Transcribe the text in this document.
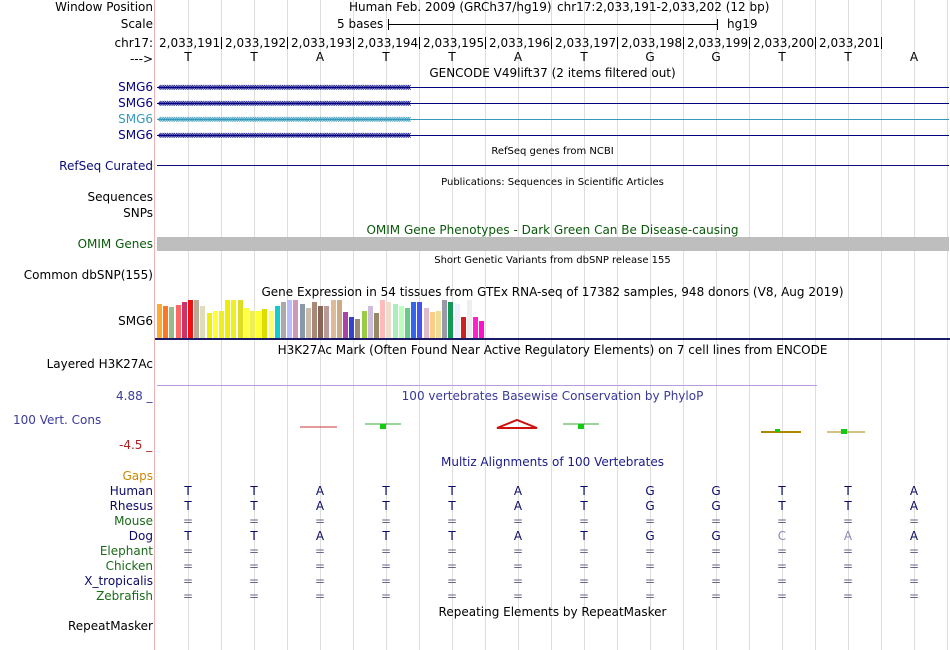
Window Position
Scale
chr17:
--->
Human Feb. 2009 (GRCh37/hg19) chr17:2,033,191-2,033,202 (12 bp)
5 bases	hg19
2,033,191 2,033,192 2,033,193 2,033,194 2,033,195 2,033,196 2,033,197 2,033,198 2,033,199 2,033,200 2,033,201
T	T	A	T	T	A	T	G	G	T	T	A
GENCODE V49lift37 (2 items filtered out)
SMG6 ‹‹‹‹‹‹‹‹‹‹‹‹‹‹‹‹‹‹‹‹‹‹‹‹‹‹‹‹‹‹‹‹‹‹‹‹‹‹‹‹‹‹‹‹‹‹‹‹‹‹‹‹‹‹‹‹‹‹‹‹‹‹‹‹‹‹‹‹‹‹‹‹‹‹‹‹‹‹‹‹‹‹‹‹‹‹‹‹‹‹‹‹‹‹‹‹‹‹‹‹‹‹‹‹‹‹‹‹‹‹‹‹‹‹‹‹‹‹‹‹‹‹‹‹‹‹‹‹‹‹‹‹‹‹‹‹‹‹‹‹
SMG6 ‹‹‹‹‹‹‹‹‹‹‹‹‹‹‹‹‹‹‹‹‹‹‹‹‹‹‹‹‹‹‹‹‹‹‹‹‹‹‹‹‹‹‹‹‹‹‹‹‹‹‹‹‹‹‹‹‹‹‹‹‹‹‹‹‹‹‹‹‹‹‹‹‹‹‹‹‹‹‹‹‹‹‹‹‹‹‹‹‹‹‹‹‹‹‹‹‹‹‹‹‹‹‹‹‹‹‹‹‹‹‹‹‹‹‹‹‹‹‹‹‹‹‹‹‹‹‹‹‹‹‹‹‹‹‹‹‹‹‹‹
SMG6 ‹‹‹‹‹‹‹‹‹‹‹‹‹‹‹‹‹‹‹‹‹‹‹‹‹‹‹‹‹‹‹‹‹‹‹‹‹‹‹‹‹‹‹‹‹‹‹‹‹‹‹‹‹‹‹‹‹‹‹‹‹‹‹‹‹‹‹‹‹‹‹‹‹‹‹‹‹‹‹‹‹‹‹‹‹‹‹‹‹‹‹‹‹‹‹‹‹‹‹‹‹‹‹‹‹‹‹‹‹‹‹‹‹‹‹‹‹‹‹‹‹‹‹‹‹‹‹‹‹‹‹‹‹‹‹‹‹‹‹‹
SMG6 ‹‹‹‹‹‹‹‹‹‹‹‹‹‹‹‹‹‹‹‹‹‹‹‹‹‹‹‹‹‹‹‹‹‹‹‹‹‹‹‹‹‹‹‹‹‹‹‹‹‹‹‹‹‹‹‹‹‹‹‹‹‹‹‹‹‹‹‹‹‹‹‹‹‹‹‹‹‹‹‹‹‹‹‹‹‹‹‹‹‹‹‹‹‹‹‹‹‹‹‹‹‹‹‹‹‹‹‹‹‹‹‹‹‹‹‹‹‹‹‹‹‹‹‹‹‹‹‹‹‹‹‹‹‹‹‹‹‹‹‹
RefSeq genes from NCBI
RefSeq Curated
Publications: Sequences in Scientific Articles
Sequences
SNPs
OMIM Gene Phenotypes - Dark Green Can Be Disease-causing
OMIM Genes
Short Genetic Variants from dbSNP release 155
Common dbSNP(155)
Gene Expression in 54 tissues from GTEx RNA-seq of 17382 samples, 948 donors (V8, Aug 2019)
SMG6
H3K27Ac Mark (Often Found Near Active Regulatory Elements) on 7 cell lines from ENCODE
Layered H3K27Ac
4.88 _	100 vertebrates Basewise Conservation by PhyloP
100 Vert. Cons
-4.5 _
Multiz Alignments of 100 Vertebrates
Gaps
Human	T	T	A	T	T	A	T	G	G	T	T	A
Rhesus	T	T	A	T	T	A	T	G	G	T	T	A
Mouse	=	=	=	=	=	=	=	=	=	=	=	=
Dog	T	T	A	T	T	A	T	G	G	C	A	A
Elephant	=	=	=	=	=	=	=	=	=	=	=	=
Chicken	=	=	=	=	=	=	=	=	=	=	=	=
X_tropicalis	=	=	=	=	=	=	=	=	=	=	=	=
Zebrafish	=	=	=	=	=	=	=	=	=	=	=	=
Repeating Elements by RepeatMasker
RepeatMasker
